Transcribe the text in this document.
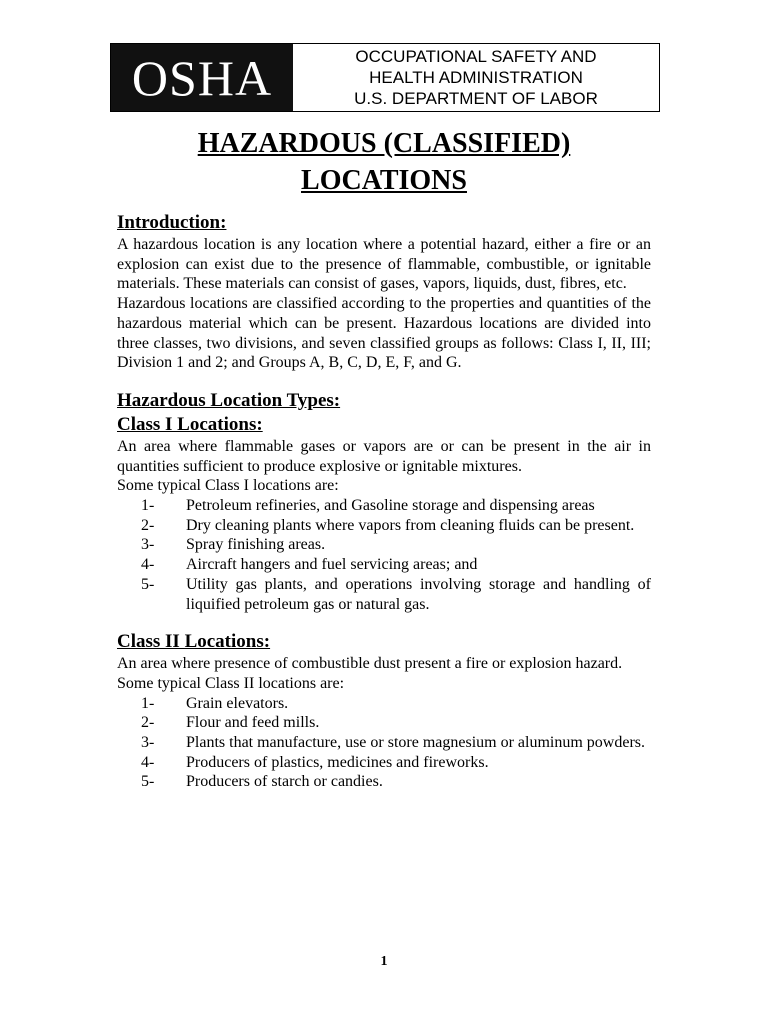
OSHA	OCCUPATIONAL SAFETY AND
HEALTH ADMINISTRATION
U.S. DEPARTMENT OF LABOR
HAZARDOUS (CLASSIFIED)
LOCATIONS
Introduction:

A hazardous location is any location where a potential hazard, either a fire or an explosion can exist due to the presence of flammable, combustible, or ignitable materials. These materials can consist of gases, vapors, liquids, dust, fibres, etc.

Hazardous locations are classified according to the properties and quantities of the hazardous material which can be present. Hazardous locations are divided into three classes, two divisions, and seven classified groups as follows: Class I, II, III; Division 1 and 2; and Groups A, B, C, D, E, F, and G.

Hazardous Location Types:
Class I Locations:

An area where flammable gases or vapors are or can be present in the air in quantities sufficient to produce explosive or ignitable mixtures.

Some typical Class I locations are:

1-	Petroleum refineries, and Gasoline storage and dispensing areas
2-	Dry cleaning plants where vapors from cleaning fluids can be present.
3-	Spray finishing areas.
4-	Aircraft hangers and fuel servicing areas; and
5-	Utility gas plants, and operations involving storage and handling of liquified petroleum gas or natural gas.
Class II Locations:

An area where presence of combustible dust present a fire or explosion hazard.

Some typical Class II locations are:

1-	Grain elevators.
2-	Flour and feed mills.
3-	Plants that manufacture, use or store magnesium or aluminum powders.
4-	Producers of plastics, medicines and fireworks.
5-	Producers of starch or candies.
1
